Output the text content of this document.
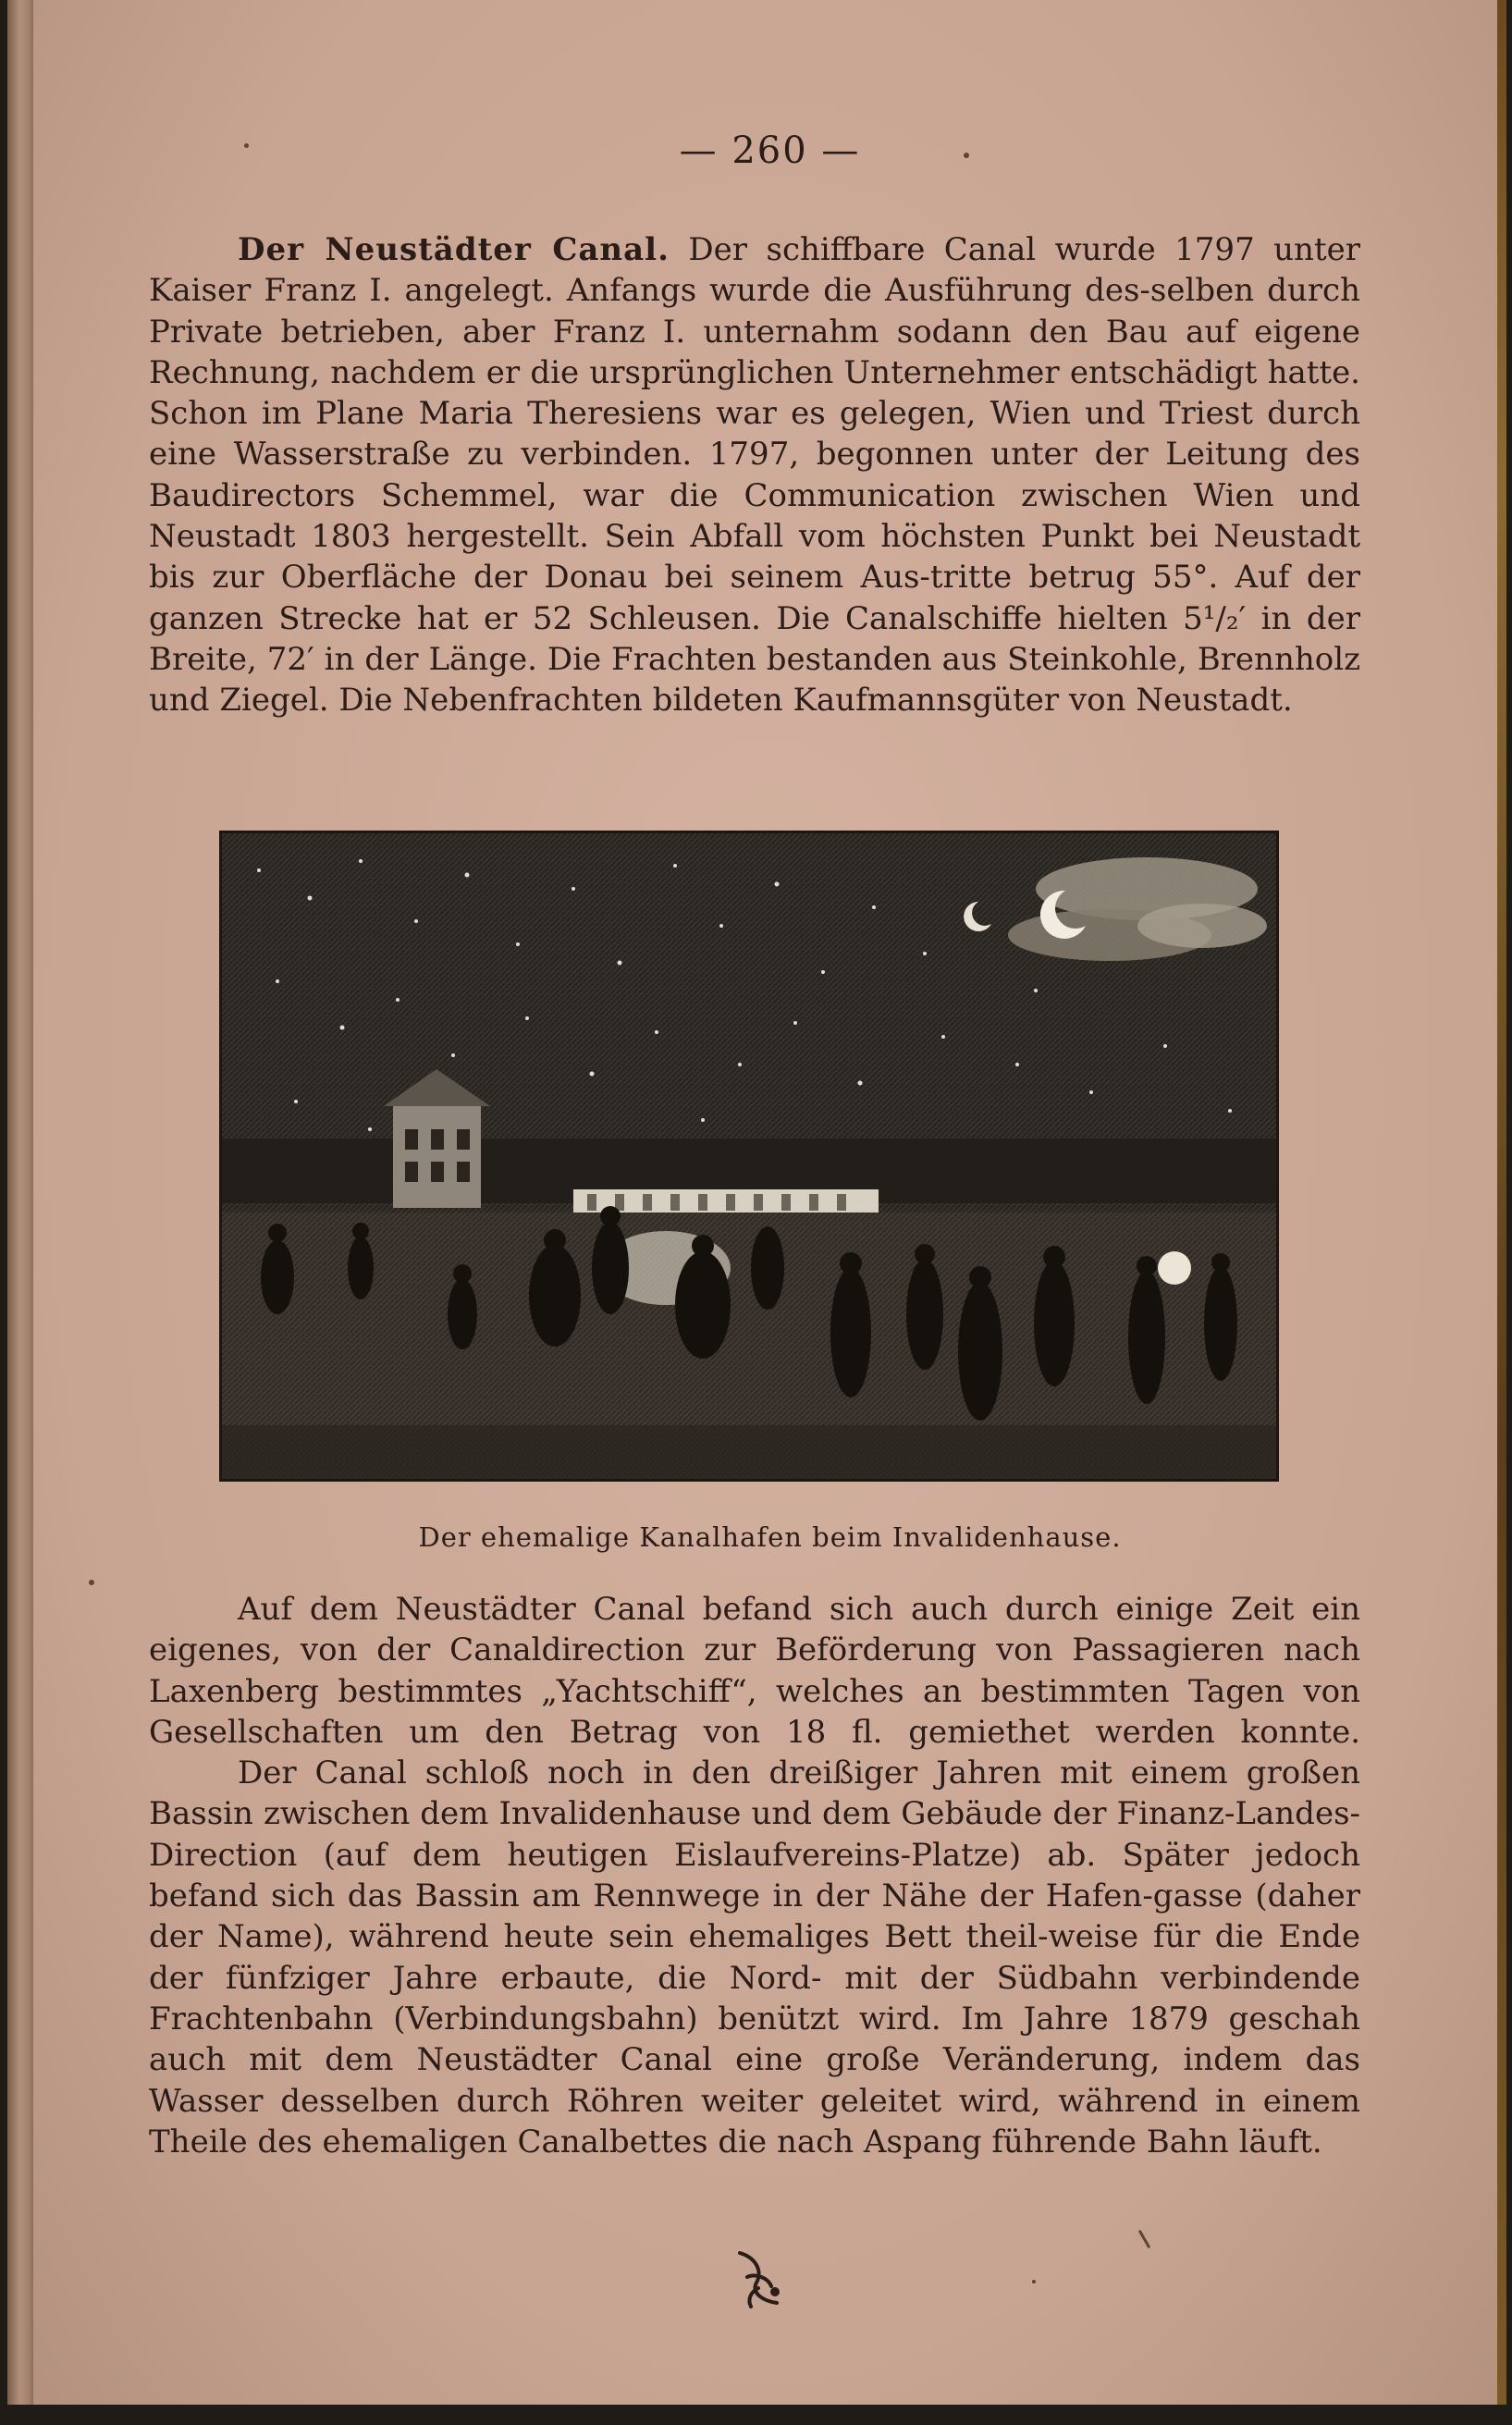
— 260 —

Der Neustädter Canal. Der schiffbare Canal wurde 1797 unter Kaiser Franz I. angelegt. Anfangs wurde die Ausführung des-selben durch Private betrieben, aber Franz I. unternahm sodann den Bau auf eigene Rechnung, nachdem er die ursprünglichen Unternehmer entschädigt hatte. Schon im Plane Maria Theresiens war es gelegen, Wien und Triest durch eine Wasserstraße zu verbinden. 1797, begonnen unter der Leitung des Baudirectors Schemmel, war die Communication zwischen Wien und Neustadt 1803 hergestellt. Sein Abfall vom höchsten Punkt bei Neustadt bis zur Oberfläche der Donau bei seinem Aus-tritte betrug 55°. Auf der ganzen Strecke hat er 52 Schleusen. Die Canalschiffe hielten 5¹/₂′ in der Breite, 72′ in der Länge. Die Frachten bestanden aus Steinkohle, Brennholz und Ziegel. Die Nebenfrachten bildeten Kaufmannsgüter von Neustadt.

Der ehemalige Kanalhafen beim Invalidenhause.

Auf dem Neustädter Canal befand sich auch durch einige Zeit ein eigenes, von der Canaldirection zur Beförderung von Passagieren nach Laxenberg bestimmtes „Yachtschiff“, welches an bestimmten Tagen von Gesellschaften um den Betrag von 18 fl. gemiethet werden konnte.

Der Canal schloß noch in den dreißiger Jahren mit einem großen Bassin zwischen dem Invalidenhause und dem Gebäude der Finanz-Landes-Direction (auf dem heutigen Eislaufvereins-Platze) ab. Später jedoch befand sich das Bassin am Rennwege in der Nähe der Hafen-gasse (daher der Name), während heute sein ehemaliges Bett theil-weise für die Ende der fünfziger Jahre erbaute, die Nord- mit der Südbahn verbindende Frachtenbahn (Verbindungsbahn) benützt wird. Im Jahre 1879 geschah auch mit dem Neustädter Canal eine große Veränderung, indem das Wasser desselben durch Röhren weiter geleitet wird, während in einem Theile des ehemaligen Canalbettes die nach Aspang führende Bahn läuft.
